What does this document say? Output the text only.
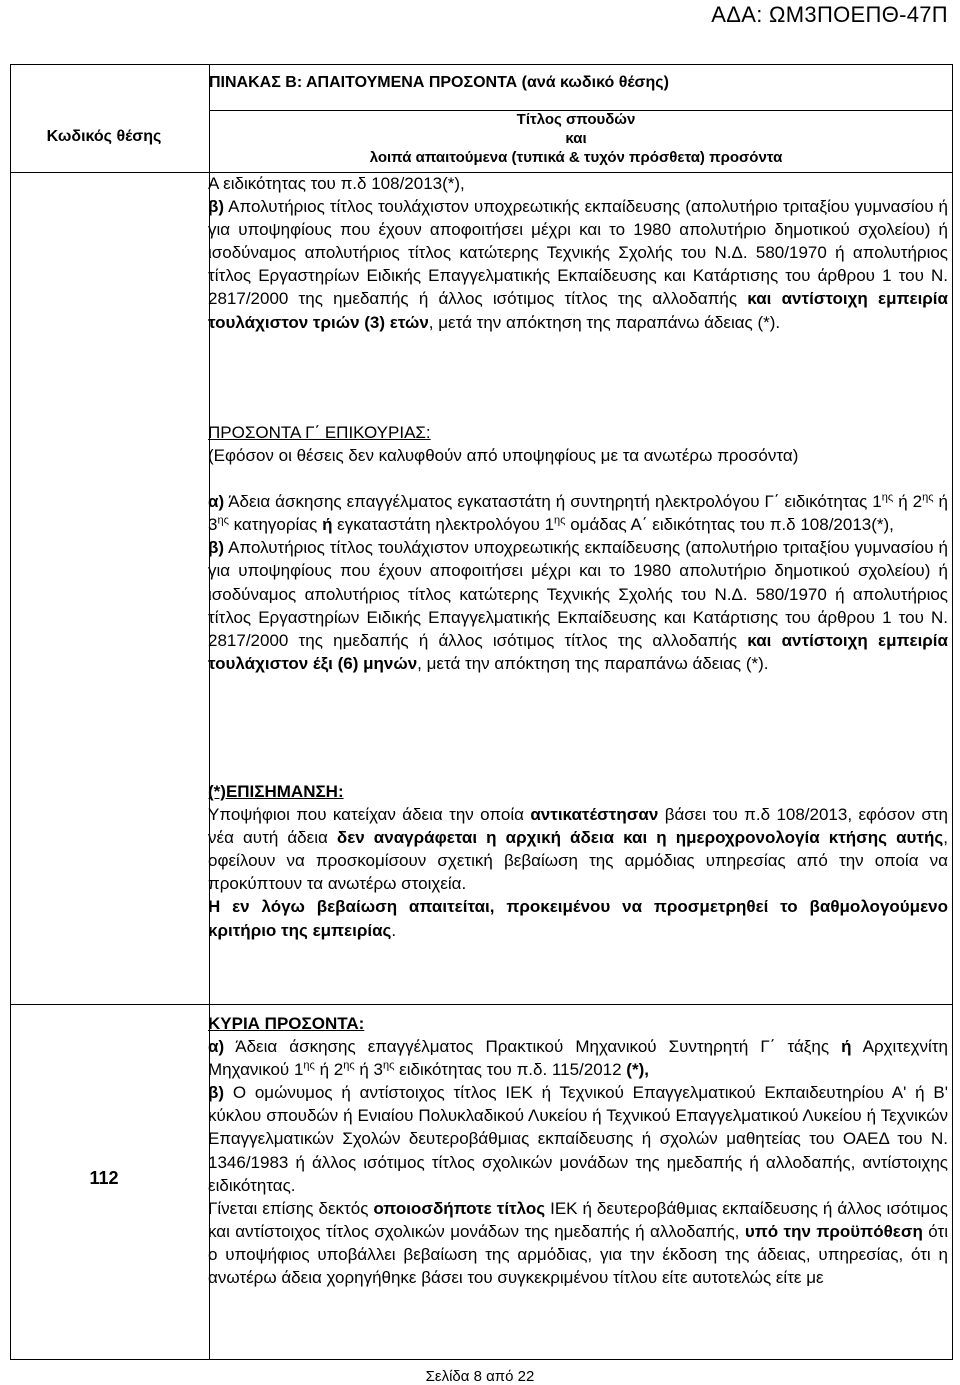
ΑΔΑ: ΩΜ3ΠΟΕΠΘ-47Π
ΠΙΝΑΚΑΣ Β: ΑΠΑΙΤΟΥΜΕΝΑ ΠΡΟΣΟΝΤΑ (ανά κωδικό θέσης)
Κωδικός θέσης
Τίτλος σπουδών
και
λοιπά απαιτούμενα (τυπικά & τυχόν πρόσθετα) προσόντα
112

Α ειδικότητας του π.δ 108/2013(*),

β) Απολυτήριος τίτλος τουλάχιστον υποχρεωτικής εκπαίδευσης (απολυτήριο τριταξίου γυμνασίου ή για υποψηφίους που έχουν αποφοιτήσει μέχρι και το 1980 απολυτήριο δημοτικού σχολείου) ή ισοδύναμος απολυτήριος τίτλος κατώτερης Τεχνικής Σχολής του Ν.Δ. 580/1970 ή απολυτήριος τίτλος Εργαστηρίων Ειδικής Επαγγελματικής Εκπαίδευσης και Κατάρτισης του άρθρου 1 του Ν. 2817/2000 της ημεδαπής ή άλλος ισότιμος τίτλος της αλλοδαπής και αντίστοιχη εμπειρία τουλάχιστον τριών (3) ετών, μετά την απόκτηση της παραπάνω άδειας (*).

ΠΡΟΣΟΝΤΑ Γ΄ ΕΠΙΚΟΥΡΙΑΣ:

(Εφόσον οι θέσεις δεν καλυφθούν από υποψηφίους με τα ανωτέρω προσόντα)

α) Άδεια άσκησης επαγγέλματος εγκαταστάτη ή συντηρητή ηλεκτρολόγου Γ΄ ειδικότητας $1^{\eta\varsigma}$ ή $2^{\eta\varsigma}$ ή $3^{\eta\varsigma}$ κατηγορίας ή εγκαταστάτη ηλεκτρολόγου $1^{\eta\varsigma}$ ομάδας Α΄ ειδικότητας του π.δ 108/2013(*),

β) Απολυτήριος τίτλος τουλάχιστον υποχρεωτικής εκπαίδευσης (απολυτήριο τριταξίου γυμνασίου ή για υποψηφίους που έχουν αποφοιτήσει μέχρι και το 1980 απολυτήριο δημοτικού σχολείου) ή ισοδύναμος απολυτήριος τίτλος κατώτερης Τεχνικής Σχολής του Ν.Δ. 580/1970 ή απολυτήριος τίτλος Εργαστηρίων Ειδικής Επαγγελματικής Εκπαίδευσης και Κατάρτισης του άρθρου 1 του Ν. 2817/2000 της ημεδαπής ή άλλος ισότιμος τίτλος της αλλοδαπής και αντίστοιχη εμπειρία τουλάχιστον έξι (6) μηνών, μετά την απόκτηση της παραπάνω άδειας (*).

(*)ΕΠΙΣΗΜΑΝΣΗ:

Υποψήφιοι που κατείχαν άδεια την οποία αντικατέστησαν βάσει του π.δ 108/2013, εφόσον στη νέα αυτή άδεια δεν αναγράφεται η αρχική άδεια και η ημεροχρονολογία κτήσης αυτής, οφείλουν να προσκομίσουν σχετική βεβαίωση της αρμόδιας υπηρεσίας από την οποία να προκύπτουν τα ανωτέρω στοιχεία.

Η εν λόγω βεβαίωση απαιτείται, προκειμένου να προσμετρηθεί το βαθμολογούμενο κριτήριο της εμπειρίας.

ΚΥΡΙΑ ΠΡΟΣΟΝΤΑ:

α) Άδεια άσκησης επαγγέλματος Πρακτικού Μηχανικού Συντηρητή Γ΄ τάξης ή Αρχιτεχνίτη Μηχανικού $1^{\eta\varsigma}$ ή $2^{\eta\varsigma}$ ή $3^{\eta\varsigma}$ ειδικότητας του π.δ. 115/2012 (*),

β) Ο ομώνυμος ή αντίστοιχος τίτλος ΙΕΚ ή Τεχνικού Επαγγελματικού Εκπαιδευτηρίου Α' ή Β' κύκλου σπουδών ή Ενιαίου Πολυκλαδικού Λυκείου ή Τεχνικού Επαγγελματικού Λυκείου ή Τεχνικών Επαγγελματικών Σχολών δευτεροβάθμιας εκπαίδευσης ή σχολών μαθητείας του ΟΑΕΔ του Ν. 1346/1983 ή άλλος ισότιμος τίτλος σχολικών μονάδων της ημεδαπής ή αλλοδαπής, αντίστοιχης ειδικότητας.

Γίνεται επίσης δεκτός οποιοσδήποτε τίτλος ΙΕΚ ή δευτεροβάθμιας εκπαίδευσης ή άλλος ισότιμος και αντίστοιχος τίτλος σχολικών μονάδων της ημεδαπής ή αλλοδαπής, υπό την προϋπόθεση ότι ο υποψήφιος υποβάλλει βεβαίωση της αρμόδιας, για την έκδοση της άδειας, υπηρεσίας, ότι η ανωτέρω άδεια χορηγήθηκε βάσει του συγκεκριμένου τίτλου είτε αυτοτελώς είτε με

Σελίδα 8 από 22
